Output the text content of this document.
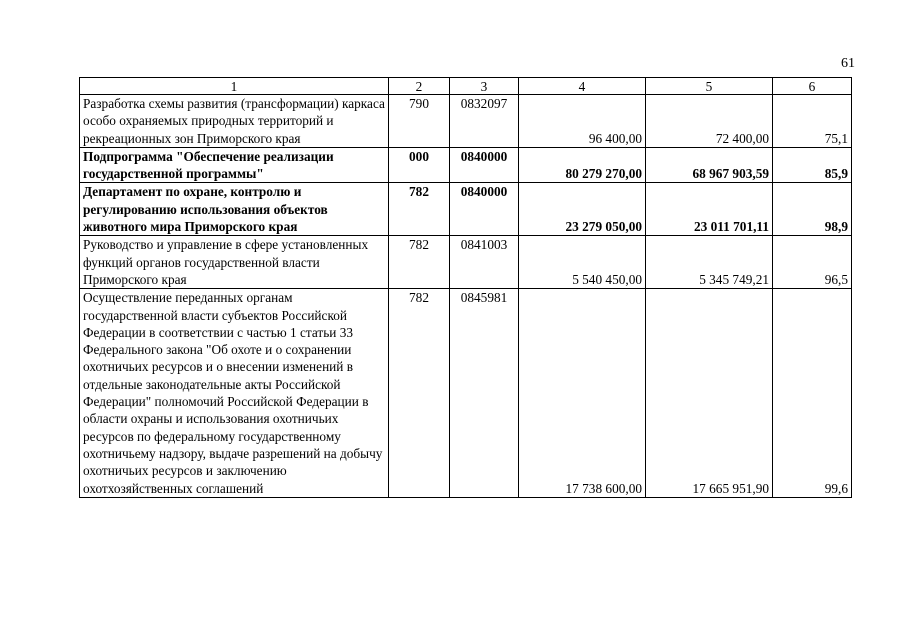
61
1	2	3	4	5	6
Разработка схемы развития (трансформации) каркаса особо охраняемых природных территорий и рекреационных зон Приморского края	790	0832097	96 400,00	72 400,00	75,1
Подпрограмма "Обеспечение реализации государственной программы"	000	0840000	80 279 270,00	68 967 903,59	85,9
Департамент по охране, контролю и регулированию использования объектов животного мира Приморского края	782	0840000	23 279 050,00	23 011 701,11	98,9
Руководство и управление в сфере установленных функций органов государственной власти Приморского края	782	0841003	5 540 450,00	5 345 749,21	96,5
Осуществление переданных органам государственной власти субъектов Российской Федерации в соответствии с частью 1 статьи 33 Федерального закона "Об охоте и о сохранении охотничьих ресурсов и о внесении изменений в отдельные законодательные акты Российской Федерации" полномочий Российской Федерации в области охраны и использования охотничьих ресурсов по федеральному государственному охотничьему надзору, выдаче разрешений на добычу охотничьих ресурсов и заключению охотхозяйственных соглашений	782	0845981	17 738 600,00	17 665 951,90	99,6
